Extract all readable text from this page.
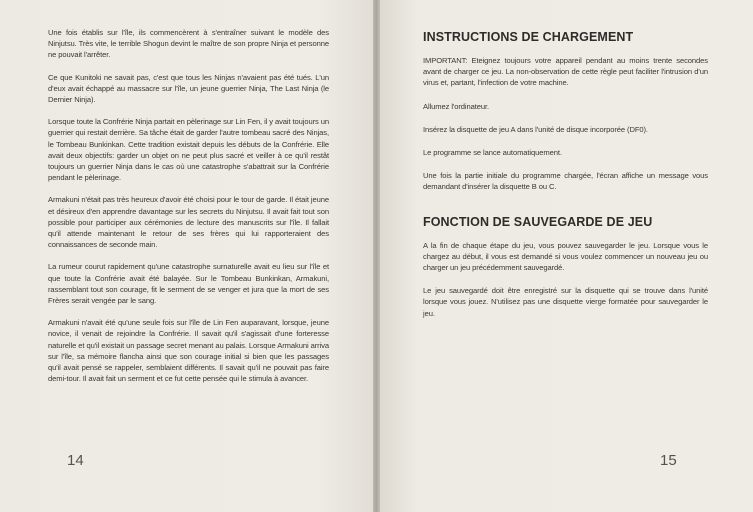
Une fois établis sur l'île, ils commencèrent à s'entraîner suivant le modèle des Ninjutsu. Très vite, le terrible Shogun devint le maître de son propre Ninja et personne ne pouvait l'arrêter.

Ce que Kunitoki ne savait pas, c'est que tous les Ninjas n'avaient pas été tués. L'un d'eux avait échappé au massacre sur l'île, un jeune guerrier Ninja, The Last Ninja (le Dernier Ninja).

Lorsque toute la Confrérie Ninja partait en pèlerinage sur Lin Fen, il y avait toujours un guerrier qui restait derrière. Sa tâche était de garder l'autre tombeau sacré des Ninjas, le Tombeau Bunkinkan. Cette tradition existait depuis les débuts de la Confrérie. Elle avait deux objectifs: garder un objet on ne peut plus sacré et veiller à ce qu'il restât toujours un guerrier Ninja dans le cas où une catastrophe s'abattrait sur la Confrérie pendant le pèlerinage.

Armakuni n'était pas très heureux d'avoir été choisi pour le tour de garde. Il était jeune et désireux d'en apprendre davantage sur les secrets du Ninjutsu. Il avait fait tout son possible pour participer aux cérémonies de lecture des manuscrits sur l'île. Il fallait qu'il attende maintenant le retour de ses frères qui lui rapporteraient des connaissances de seconde main.

La rumeur courut rapidement qu'une catastrophe surnaturelle avait eu lieu sur l'île et que toute la Confrérie avait été balayée. Sur le Tombeau Bunkinkan, Armakuni, rassemblant tout son courage, fit le serment de se venger et jura que la mort de ses Frères serait vengée par le sang.

Armakuni n'avait été qu'une seule fois sur l'île de Lin Fen auparavant, lorsque, jeune novice, il venait de rejoindre la Confrérie. Il savait qu'il s'agissait d'une forteresse naturelle et qu'il existait un passage secret menant au palais. Lorsque Armakuni arriva sur l'île, sa mémoire flancha ainsi que son courage initial si bien que les passages qu'il avait pensé se rappeler, semblaient différents. Il savait qu'il ne pouvait pas faire demi-tour. Il avait fait un serment et ce fut cette pensée qui le stimula à avancer.

14
INSTRUCTIONS DE CHARGEMENT

IMPORTANT: Eteignez toujours votre appareil pendant au moins trente secondes avant de charger ce jeu. La non-observation de cette règle peut faciliter l'intrusion d'un virus et, partant, l'infection de votre machine.

Allumez l'ordinateur.

Insérez la disquette de jeu A dans l'unité de disque incorporée (DF0).

Le programme se lance automatiquement.

Une fois la partie initiale du programme chargée, l'écran affiche un message vous demandant d'insérer la disquette B ou C.

FONCTION DE SAUVEGARDE DE JEU

A la fin de chaque étape du jeu, vous pouvez sauvegarder le jeu. Lorsque vous le chargez au début, il vous est demandé si vous voulez commencer un nouveau jeu ou charger un jeu précédemment sauvegardé.

Le jeu sauvegardé doit être enregistré sur la disquette qui se trouve dans l'unité lorsque vous jouez. N'utilisez pas une disquette vierge formatée pour sauvegarder le jeu.

15
